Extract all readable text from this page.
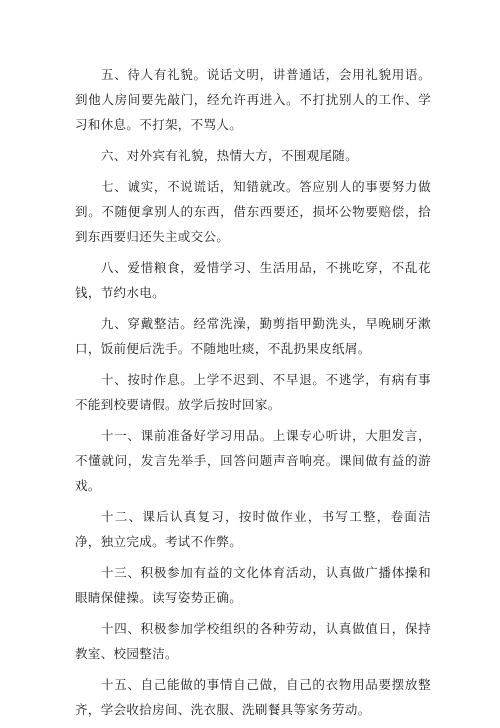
五、待人有礼貌。说话文明，讲普通话，会用礼貌用语。到他人房间要先敲门，经允许再进入。不打扰别人的工作、学习和休息。不打架，不骂人。

六、对外宾有礼貌，热情大方，不围观尾随。

七、诚实，不说谎话，知错就改。答应别人的事要努力做到。不随便拿别人的东西，借东西要还，损坏公物要赔偿，拾到东西要归还失主或交公。

八、爱惜粮食，爱惜学习、生活用品，不挑吃穿，不乱花钱，节约水电。

九、穿戴整洁。经常洗澡，勤剪指甲勤洗头，早晚刷牙漱口，饭前便后洗手。不随地吐痰，不乱扔果皮纸屑。

十、按时作息。上学不迟到、不早退。不逃学，有病有事不能到校要请假。放学后按时回家。

十一、课前准备好学习用品。上课专心听讲，大胆发言，不懂就问，发言先举手，回答问题声音响亮。课间做有益的游戏。

十二、课后认真复习，按时做作业，书写工整，卷面洁净，独立完成。考试不作弊。

十三、积极参加有益的文化体育活动，认真做广播体操和眼睛保健操。读写姿势正确。

十四、积极参加学校组织的各种劳动，认真做值日，保持教室、校园整洁。

十五、自己能做的事情自己做，自己的衣物用品要摆放整齐，学会收拾房间、洗衣服、洗刷餐具等家务劳动。
